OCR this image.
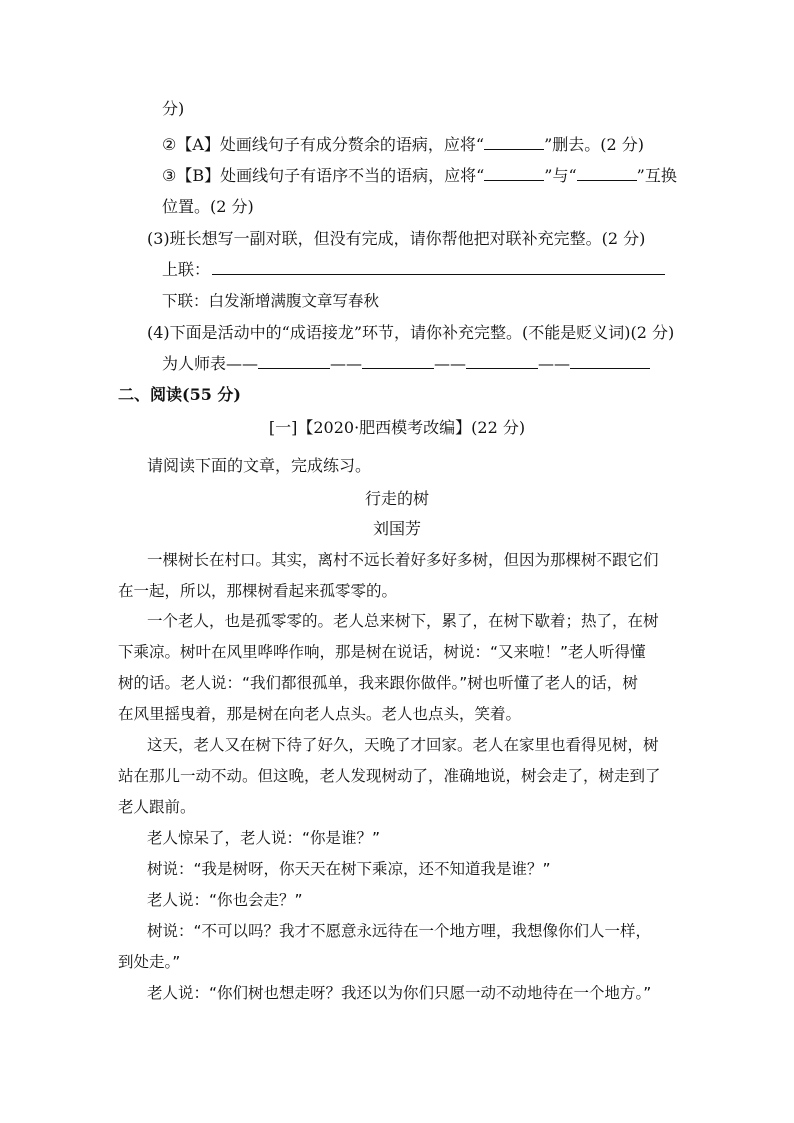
分)
②【A】处画线句子有成分赘余的语病，应将“	”删去。(2 分)
③【B】处画线句子有语序不当的语病，应将“	”与“	”互换
位置。(2 分)
(3)班长想写一副对联，但没有完成，请你帮他把对联补充完整。(2 分)
上联：
下联：白发渐增满腹文章写春秋
(4)下面是活动中的“成语接龙”环节，请你补充完整。(不能是贬义词)(2 分)
为人师表——	——	——	——
二、阅读(55 分)
[一]【2020·肥西模考改编】(22 分)
请阅读下面的文章，完成练习。
行走的树
刘国芳
一棵树长在村口。其实，离村不远长着好多好多树，但因为那棵树不跟它们
在一起，所以，那棵树看起来孤零零的。
一个老人，也是孤零零的。老人总来树下，累了，在树下歇着；热了，在树
下乘凉。树叶在风里哗哗作响，那是树在说话，树说：“又来啦！”老人听得懂
树的话。老人说：“我们都很孤单，我来跟你做伴。”树也听懂了老人的话，树
在风里摇曳着，那是树在向老人点头。老人也点头，笑着。
这天，老人又在树下待了好久，天晚了才回家。老人在家里也看得见树，树
站在那儿一动不动。但这晚，老人发现树动了，准确地说，树会走了，树走到了
老人跟前。
老人惊呆了，老人说：“你是谁？”
树说：“我是树呀，你天天在树下乘凉，还不知道我是谁？”
老人说：“你也会走？”
树说：“不可以吗？我才不愿意永远待在一个地方哩，我想像你们人一样，
到处走。”
老人说：“你们树也想走呀？我还以为你们只愿一动不动地待在一个地方。”
